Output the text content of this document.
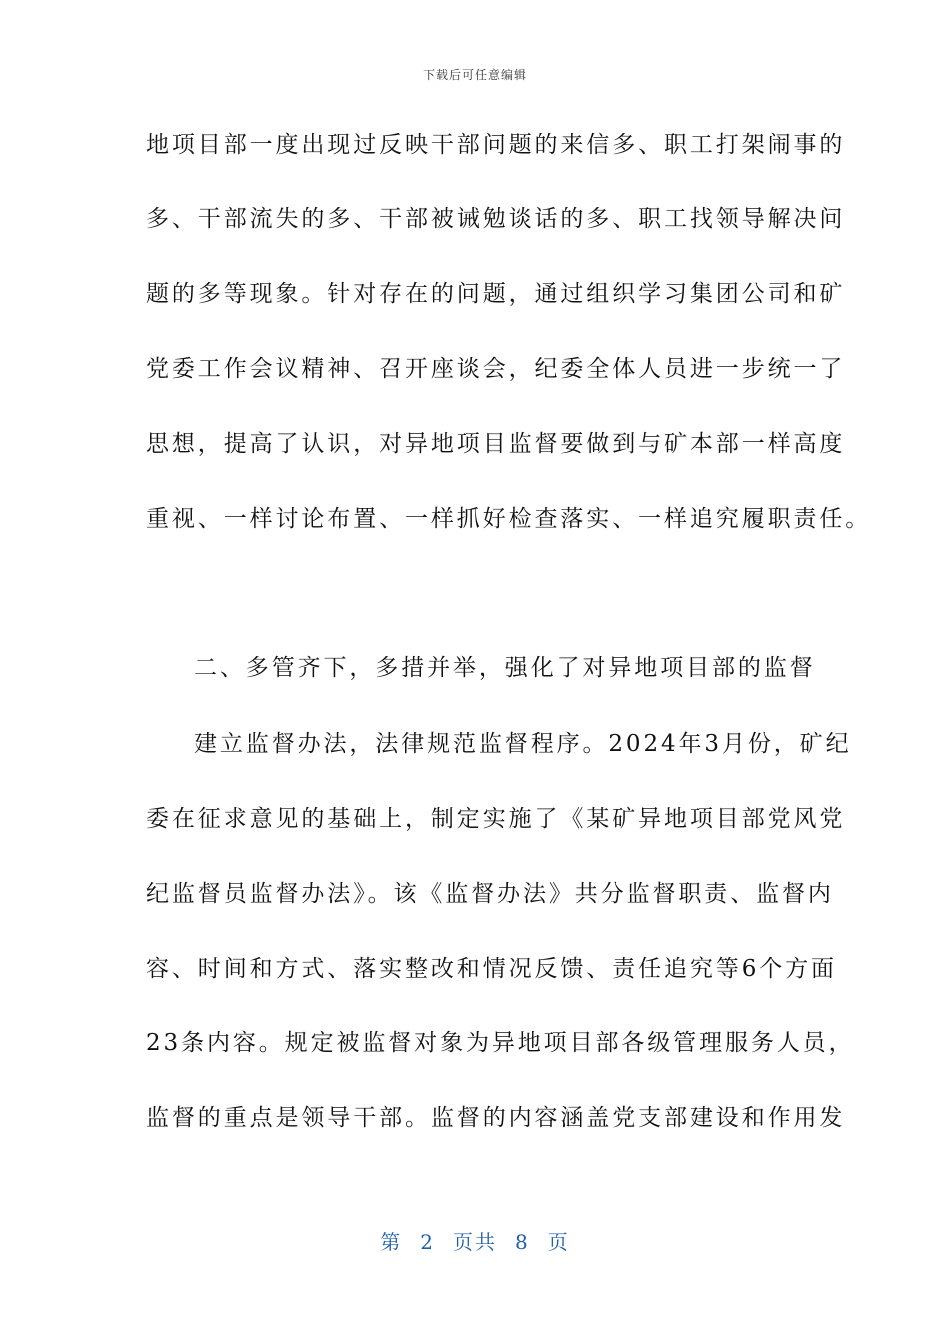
下载后可任意编辑
地项目部一度出现过反映干部问题的来信多、职工打架闹事的
多、干部流失的多、干部被诫勉谈话的多、职工找领导解决问
题的多等现象。针对存在的问题，通过组织学习集团公司和矿
党委工作会议精神、召开座谈会，纪委全体人员进一步统一了
思想，提高了认识，对异地项目监督要做到与矿本部一样高度
重视、一样讨论布置、一样抓好检查落实、一样追究履职责任。
二、多管齐下，多措并举，强化了对异地项目部的监督
建立监督办法，法律规范监督程序。2024年3月份，矿纪
委在征求意见的基础上，制定实施了《某矿异地项目部党风党
纪监督员监督办法》。该《监督办法》共分监督职责、监督内
容、时间和方式、落实整改和情况反馈、责任追究等6个方面
23条内容。规定被监督对象为异地项目部各级管理服务人员，
监督的重点是领导干部。监督的内容涵盖党支部建设和作用发
第 2 页共 8 页
